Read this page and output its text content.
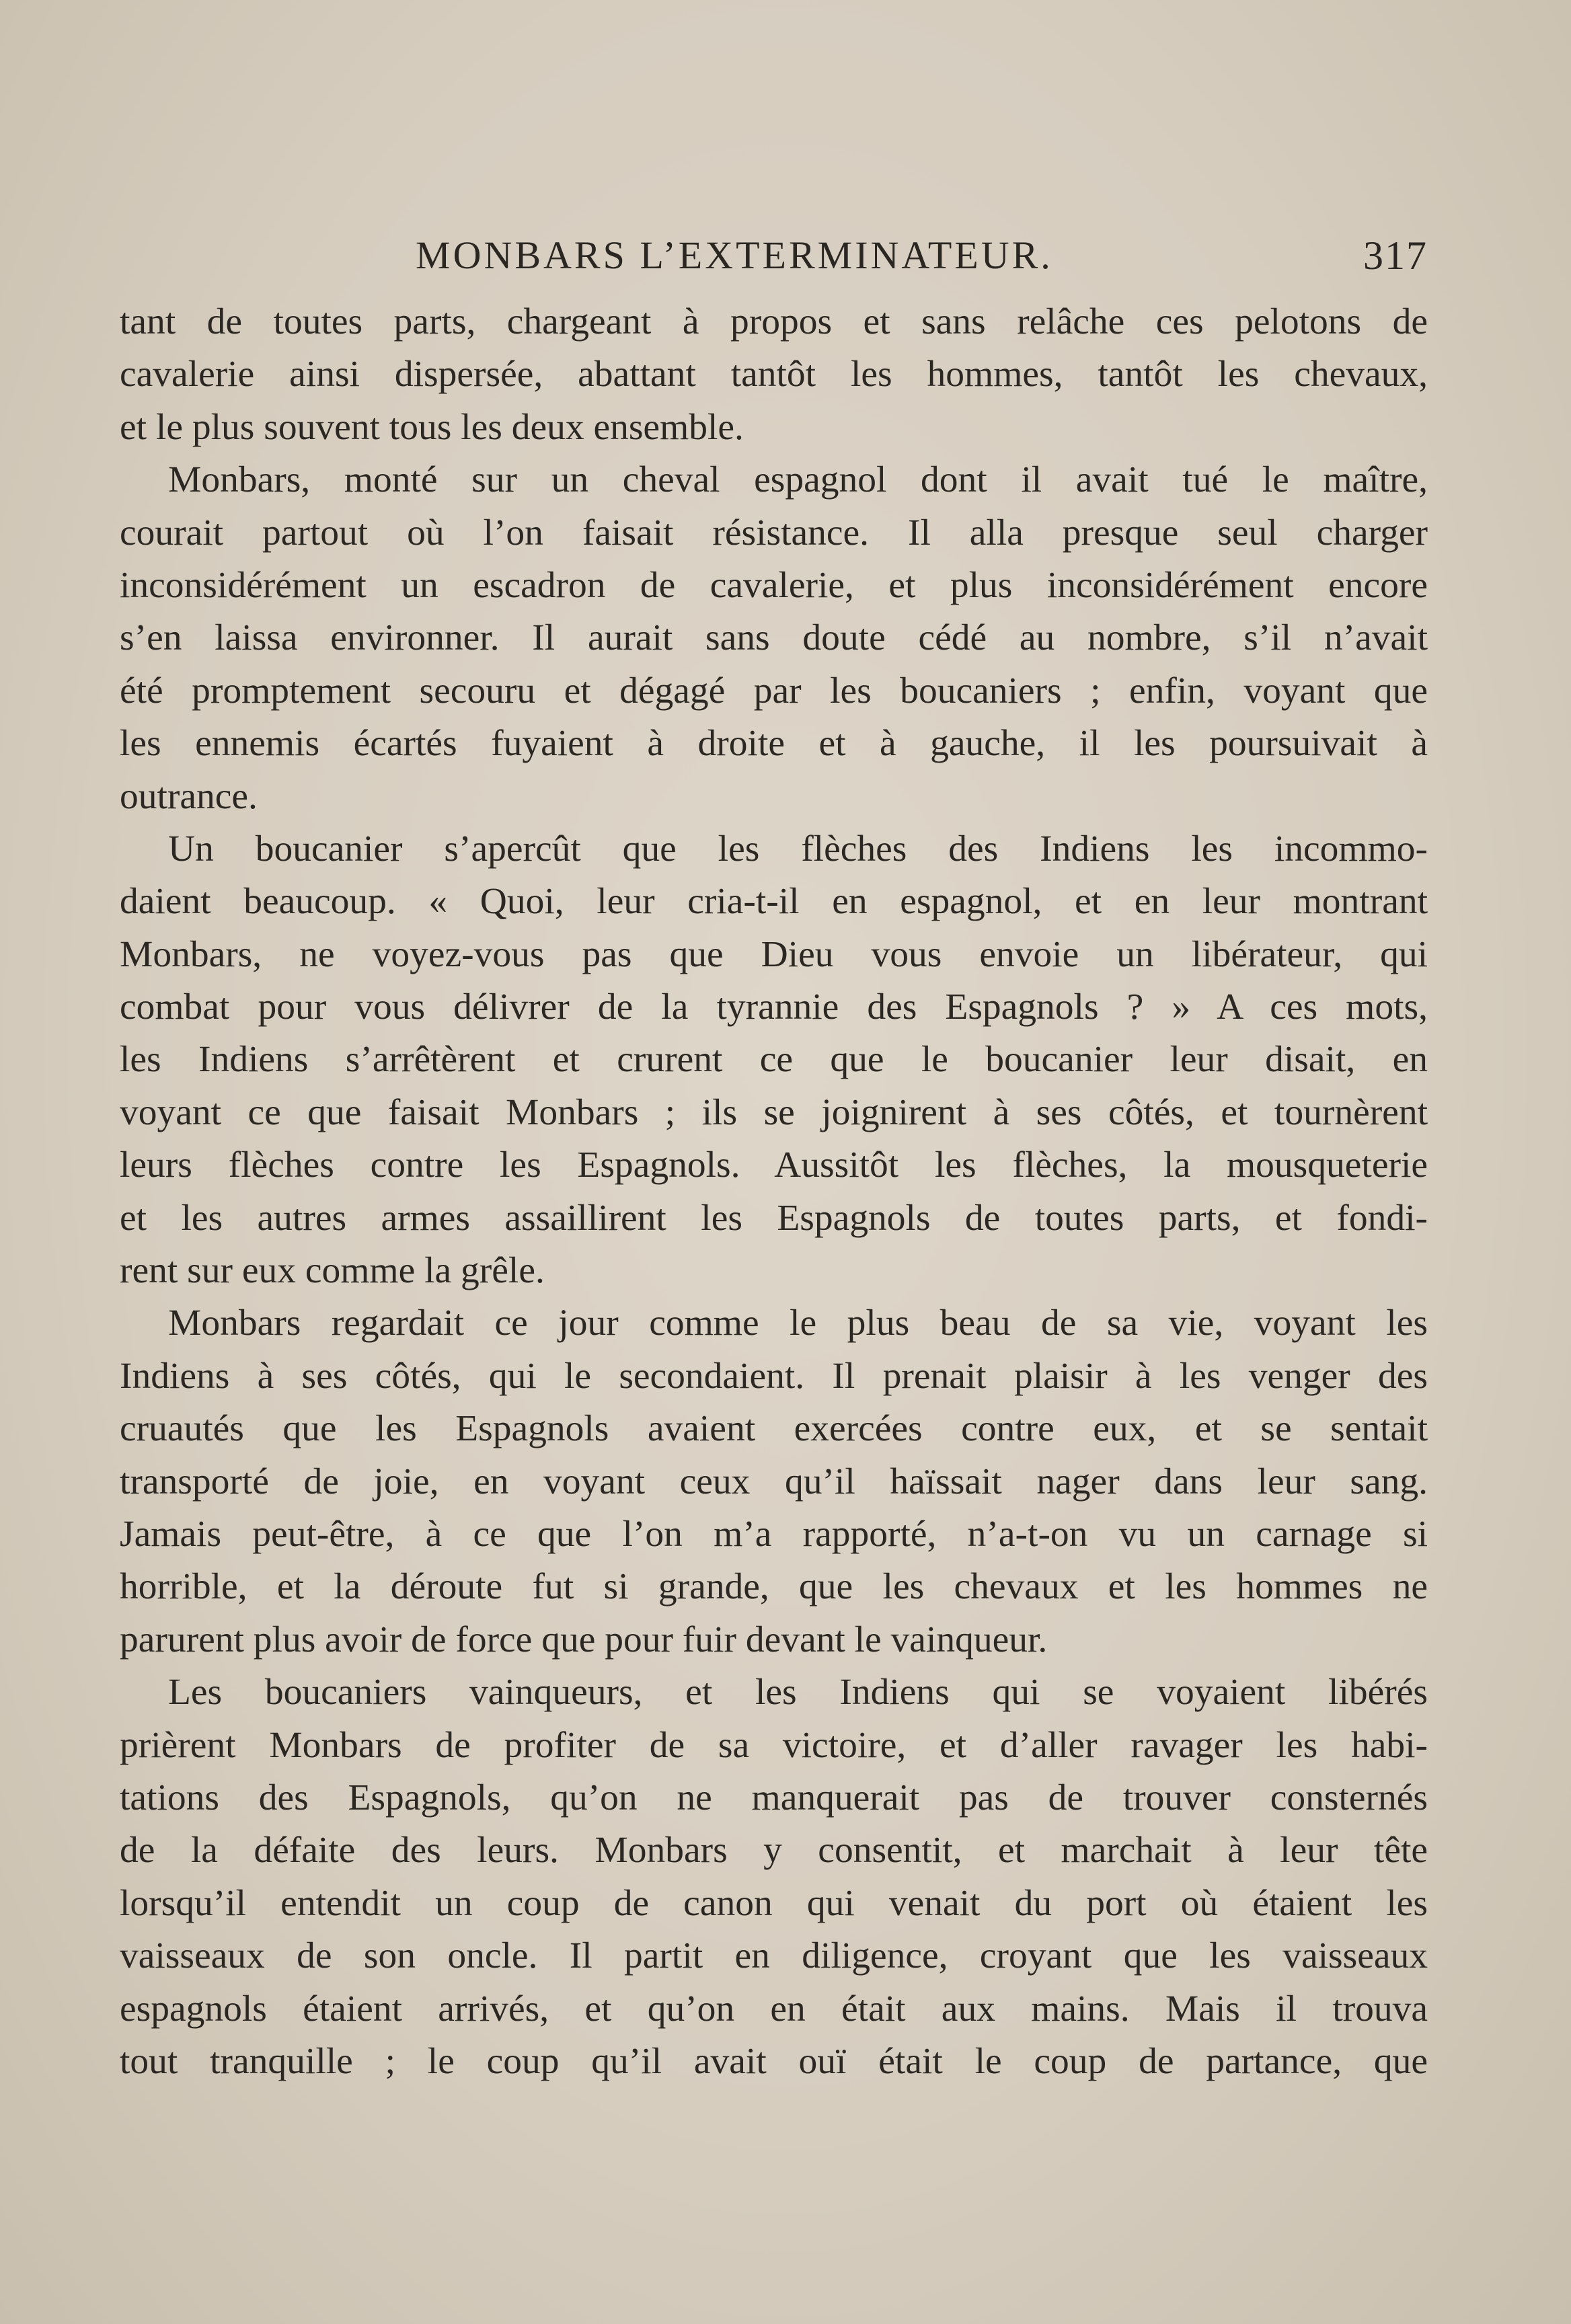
MONBARS L’EXTERMINATEUR.	317

tant de toutes parts, chargeant à propos et sans relâche ces pelotons de
cavalerie ainsi dispersée, abattant tantôt les hommes, tantôt les chevaux,
et le plus souvent tous les deux ensemble.

Monbars, monté sur un cheval espagnol dont il avait tué le maître,
courait partout où l’on faisait résistance. Il alla presque seul charger
inconsidérément un escadron de cavalerie, et plus inconsidérément encore
s’en laissa environner. Il aurait sans doute cédé au nombre, s’il n’avait
été promptement secouru et dégagé par les boucaniers ; enfin, voyant que
les ennemis écartés fuyaient à droite et à gauche, il les poursuivait à
outrance.

Un boucanier s’apercût que les flèches des Indiens les incommo-
daient beaucoup. « Quoi, leur cria-t-il en espagnol, et en leur montrant
Monbars, ne voyez-vous pas que Dieu vous envoie un libérateur, qui
combat pour vous délivrer de la tyrannie des Espagnols ? » A ces mots,
les Indiens s’arrêtèrent et crurent ce que le boucanier leur disait, en
voyant ce que faisait Monbars ; ils se joignirent à ses côtés, et tournèrent
leurs flèches contre les Espagnols. Aussitôt les flèches, la mousqueterie
et les autres armes assaillirent les Espagnols de toutes parts, et fondi-
rent sur eux comme la grêle.

Monbars regardait ce jour comme le plus beau de sa vie, voyant les
Indiens à ses côtés, qui le secondaient. Il prenait plaisir à les venger des
cruautés que les Espagnols avaient exercées contre eux, et se sentait
transporté de joie, en voyant ceux qu’il haïssait nager dans leur sang.
Jamais peut-être, à ce que l’on m’a rapporté, n’a-t-on vu un carnage si
horrible, et la déroute fut si grande, que les chevaux et les hommes ne
parurent plus avoir de force que pour fuir devant le vainqueur.

Les boucaniers vainqueurs, et les Indiens qui se voyaient libérés
prièrent Monbars de profiter de sa victoire, et d’aller ravager les habi-
tations des Espagnols, qu’on ne manquerait pas de trouver consternés
de la défaite des leurs. Monbars y consentit, et marchait à leur tête
lorsqu’il entendit un coup de canon qui venait du port où étaient les
vaisseaux de son oncle. Il partit en diligence, croyant que les vaisseaux
espagnols étaient arrivés, et qu’on en était aux mains. Mais il trouva
tout tranquille ; le coup qu’il avait ouï était le coup de partance, que
